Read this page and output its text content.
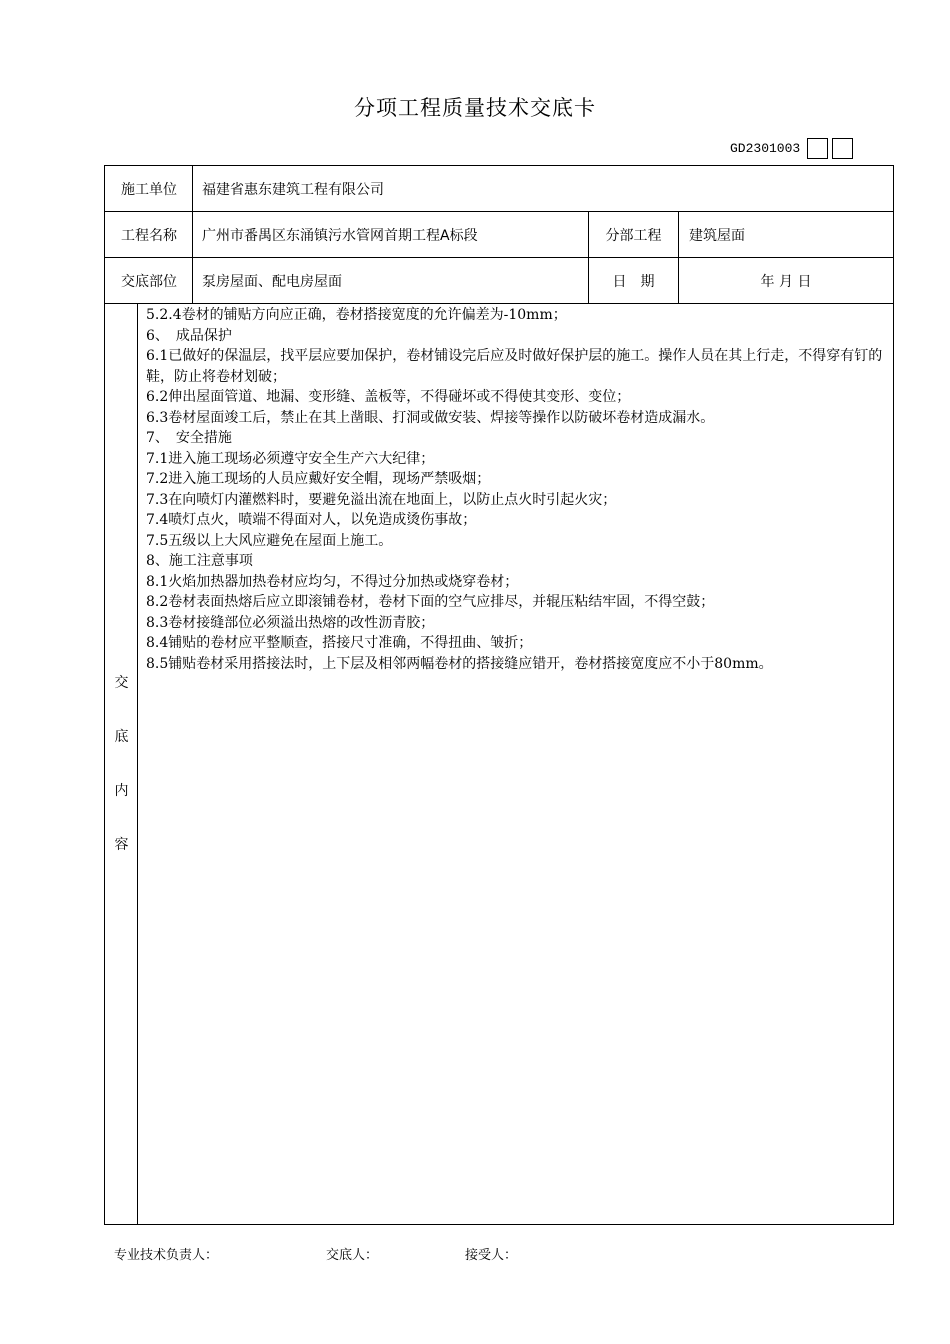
分项工程质量技术交底卡
GD2301003
施工单位	福建省惠东建筑工程有限公司
工程名称	广州市番禺区东涌镇污水管网首期工程A标段	分部工程	建筑屋面
交底部位	泵房屋面、配电房屋面	日　期	年 月 日
交
底
内
容
5.2.4卷材的铺贴方向应正确，卷材搭接宽度的允许偏差为-10mm；
6、　成品保护
6.1已做好的保温层，找平层应要加保护，卷材铺设完后应及时做好保护层的施工。操作人员在其上行走，不得穿有钉的鞋，防止将卷材划破；
6.2伸出屋面管道、地漏、变形缝、盖板等，不得碰坏或不得使其变形、变位；
6.3卷材屋面竣工后，禁止在其上凿眼、打洞或做安装、焊接等操作以防破坏卷材造成漏水。
7、　安全措施
7.1进入施工现场必须遵守安全生产六大纪律；
7.2进入施工现场的人员应戴好安全帽，现场严禁吸烟；
7.3在向喷灯内灌燃料时，要避免溢出流在地面上，以防止点火时引起火灾；
7.4喷灯点火，喷端不得面对人，以免造成烫伤事故；
7.5五级以上大风应避免在屋面上施工。
8、施工注意事项
8.1火焰加热器加热卷材应均匀，不得过分加热或烧穿卷材；
8.2卷材表面热熔后应立即滚铺卷材，卷材下面的空气应排尽，并辊压粘结牢固，不得空鼓；
8.3卷材接缝部位必须溢出热熔的改性沥青胶；
8.4铺贴的卷材应平整顺查，搭接尺寸准确，不得扭曲、皱折；
8.5铺贴卷材采用搭接法时，上下层及相邻两幅卷材的搭接缝应错开，卷材搭接宽度应不小于80mm。
专业技术负责人：	交底人：	接受人：
